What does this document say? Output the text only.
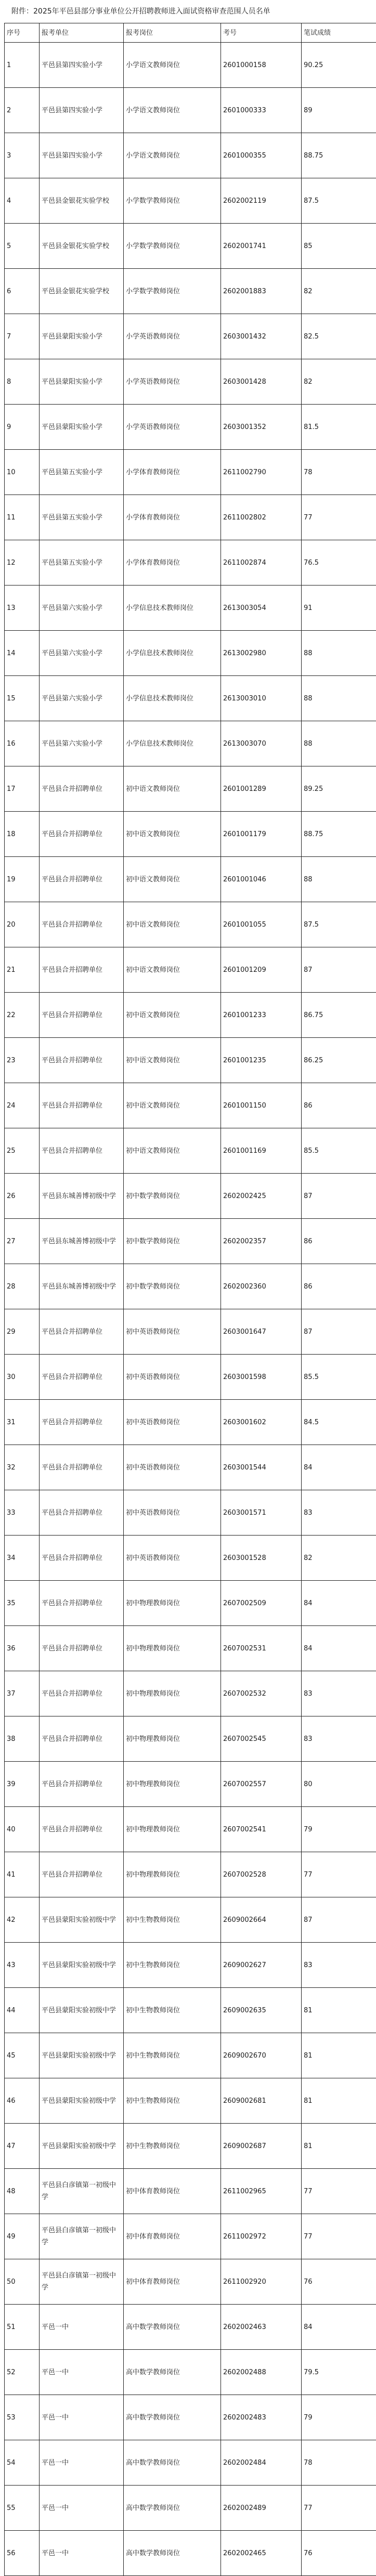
附件：2025年平邑县部分事业单位公开招聘教师进入面试资格审查范围人员名单
序号	报考单位	报考岗位	考号	笔试成绩
1	平邑县第四实验小学	小学语文教师岗位	2601000158	90.25
2	平邑县第四实验小学	小学语文教师岗位	2601000333	89
3	平邑县第四实验小学	小学语文教师岗位	2601000355	88.75
4	平邑县金银花实验学校	小学数学教师岗位	2602002119	87.5
5	平邑县金银花实验学校	小学数学教师岗位	2602001741	85
6	平邑县金银花实验学校	小学数学教师岗位	2602001883	82
7	平邑县蒙阳实验小学	小学英语教师岗位	2603001432	82.5
8	平邑县蒙阳实验小学	小学英语教师岗位	2603001428	82
9	平邑县蒙阳实验小学	小学英语教师岗位	2603001352	81.5
10	平邑县第五实验小学	小学体育教师岗位	2611002790	78
11	平邑县第五实验小学	小学体育教师岗位	2611002802	77
12	平邑县第五实验小学	小学体育教师岗位	2611002874	76.5
13	平邑县第六实验小学	小学信息技术教师岗位	2613003054	91
14	平邑县第六实验小学	小学信息技术教师岗位	2613002980	88
15	平邑县第六实验小学	小学信息技术教师岗位	2613003010	88
16	平邑县第六实验小学	小学信息技术教师岗位	2613003070	88
17	平邑县合并招聘单位	初中语文教师岗位	2601001289	89.25
18	平邑县合并招聘单位	初中语文教师岗位	2601001179	88.75
19	平邑县合并招聘单位	初中语文教师岗位	2601001046	88
20	平邑县合并招聘单位	初中语文教师岗位	2601001055	87.5
21	平邑县合并招聘单位	初中语文教师岗位	2601001209	87
22	平邑县合并招聘单位	初中语文教师岗位	2601001233	86.75
23	平邑县合并招聘单位	初中语文教师岗位	2601001235	86.25
24	平邑县合并招聘单位	初中语文教师岗位	2601001150	86
25	平邑县合并招聘单位	初中语文教师岗位	2601001169	85.5
26	平邑县东城善博初级中学	初中数学教师岗位	2602002425	87
27	平邑县东城善博初级中学	初中数学教师岗位	2602002357	86
28	平邑县东城善博初级中学	初中数学教师岗位	2602002360	86
29	平邑县合并招聘单位	初中英语教师岗位	2603001647	87
30	平邑县合并招聘单位	初中英语教师岗位	2603001598	85.5
31	平邑县合并招聘单位	初中英语教师岗位	2603001602	84.5
32	平邑县合并招聘单位	初中英语教师岗位	2603001544	84
33	平邑县合并招聘单位	初中英语教师岗位	2603001571	83
34	平邑县合并招聘单位	初中英语教师岗位	2603001528	82
35	平邑县合并招聘单位	初中物理教师岗位	2607002509	84
36	平邑县合并招聘单位	初中物理教师岗位	2607002531	84
37	平邑县合并招聘单位	初中物理教师岗位	2607002532	83
38	平邑县合并招聘单位	初中物理教师岗位	2607002545	83
39	平邑县合并招聘单位	初中物理教师岗位	2607002557	80
40	平邑县合并招聘单位	初中物理教师岗位	2607002541	79
41	平邑县合并招聘单位	初中物理教师岗位	2607002528	77
42	平邑县蒙阳实验初级中学	初中生物教师岗位	2609002664	87
43	平邑县蒙阳实验初级中学	初中生物教师岗位	2609002627	83
44	平邑县蒙阳实验初级中学	初中生物教师岗位	2609002635	81
45	平邑县蒙阳实验初级中学	初中生物教师岗位	2609002670	81
46	平邑县蒙阳实验初级中学	初中生物教师岗位	2609002681	81
47	平邑县蒙阳实验初级中学	初中生物教师岗位	2609002687	81
48	平邑县白彦镇第一初级中学	初中体育教师岗位	2611002965	77
49	平邑县白彦镇第一初级中学	初中体育教师岗位	2611002972	77
50	平邑县白彦镇第一初级中学	初中体育教师岗位	2611002920	76
51	平邑一中	高中数学教师岗位	2602002463	84
52	平邑一中	高中数学教师岗位	2602002488	79.5
53	平邑一中	高中数学教师岗位	2602002483	79
54	平邑一中	高中数学教师岗位	2602002484	78
55	平邑一中	高中数学教师岗位	2602002489	77
56	平邑一中	高中数学教师岗位	2602002465	76
